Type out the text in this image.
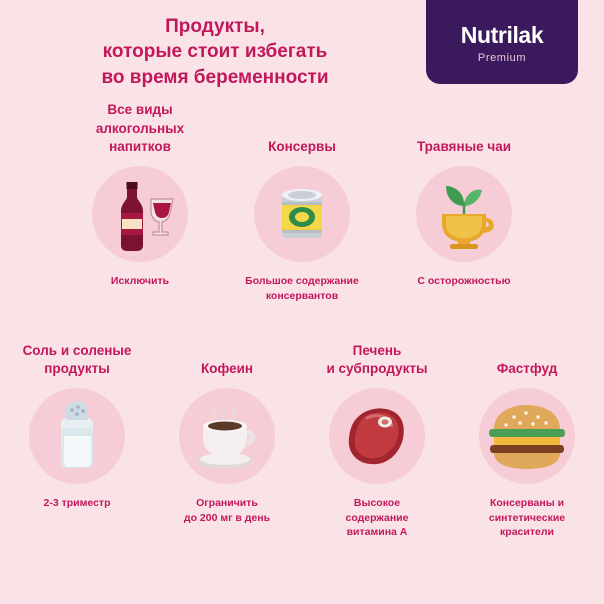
Nutrilak
Premium
Продукты,
которые стоит избегать
во время беременности
Все виды
алкогольных
напитков
Исключить
Консервы
Большое содержание
консервантов
Травяные чаи
С осторожностью
Соль и соленые
продукты
2-3 триместр
Кофеин
Ограничить
до 200 мг в день
Печень
и субпродукты
Высокое
содержание
витамина А
Фастфуд
Консерваны и
синтетические
красители
